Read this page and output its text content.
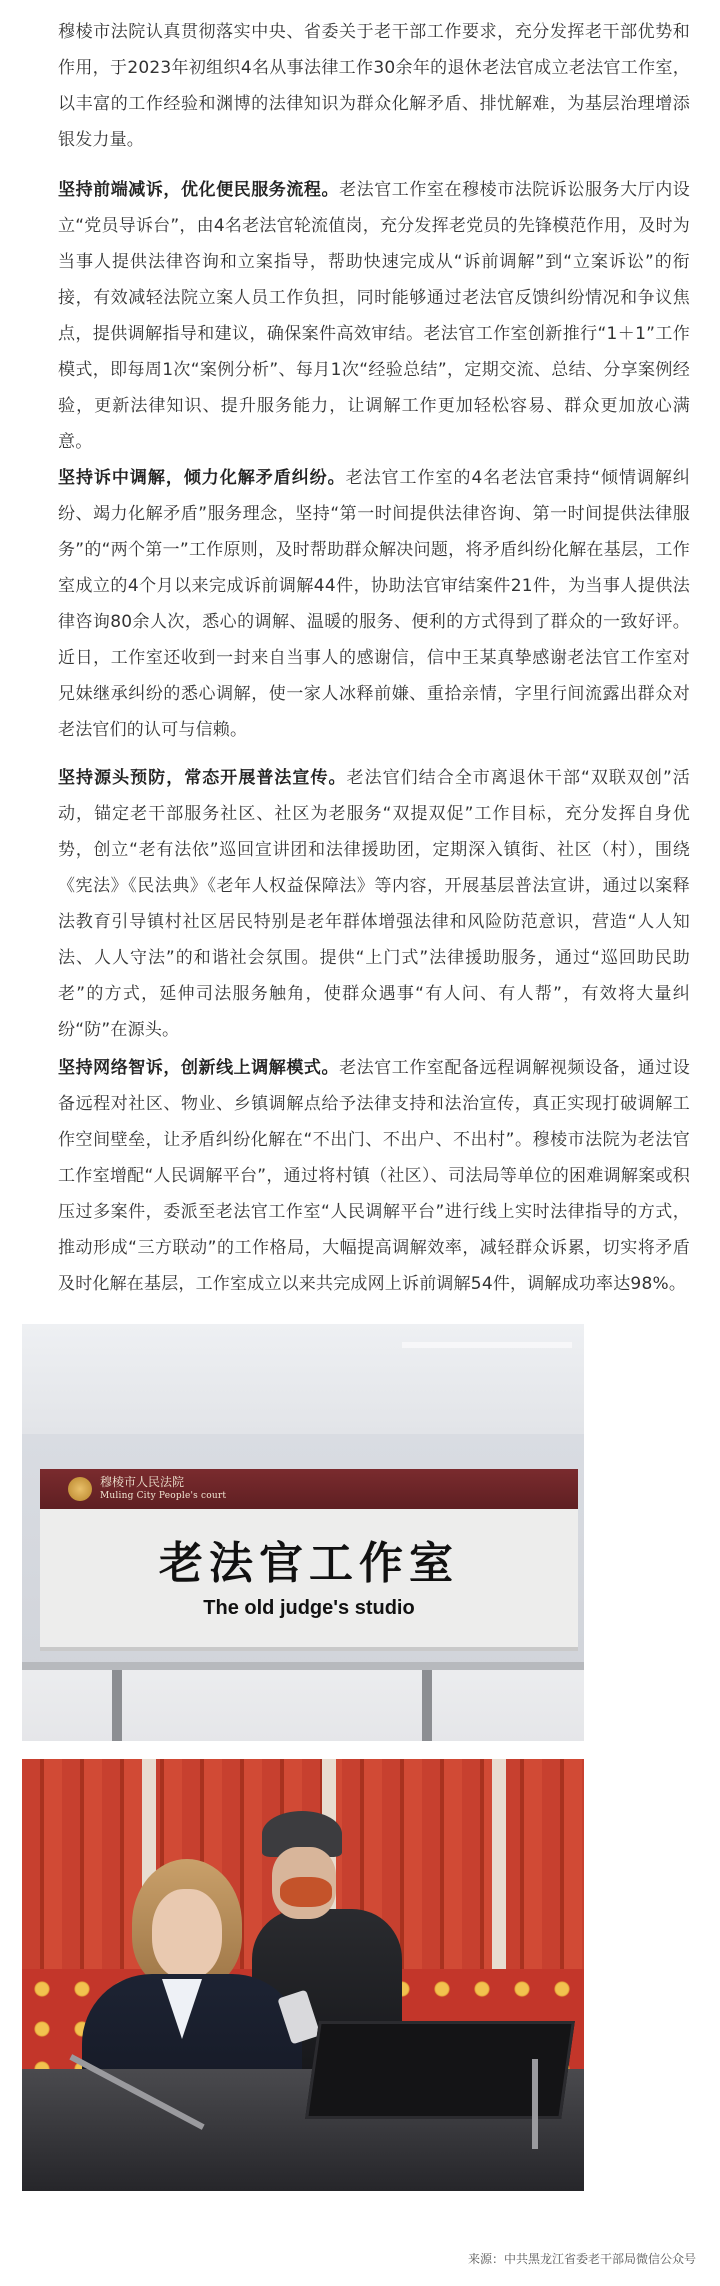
穆棱市法院认真贯彻落实中央、省委关于老干部工作要求，充分发挥老干部优势和作用，于2023年初组织4名从事法律工作30余年的退休老法官成立老法官工作室，以丰富的工作经验和渊博的法律知识为群众化解矛盾、排忧解难，为基层治理增添银发力量。

坚持前端减诉，优化便民服务流程。老法官工作室在穆棱市法院诉讼服务大厅内设立“党员导诉台”，由4名老法官轮流值岗，充分发挥老党员的先锋模范作用，及时为当事人提供法律咨询和立案指导，帮助快速完成从“诉前调解”到“立案诉讼”的衔接，有效减轻法院立案人员工作负担，同时能够通过老法官反馈纠纷情况和争议焦点，提供调解指导和建议，确保案件高效审结。老法官工作室创新推行“1＋1”工作模式，即每周1次“案例分析”、每月1次“经验总结”，定期交流、总结、分享案例经验，更新法律知识、提升服务能力，让调解工作更加轻松容易、群众更加放心满意。

坚持诉中调解，倾力化解矛盾纠纷。老法官工作室的4名老法官秉持“倾情调解纠纷、竭力化解矛盾”服务理念，坚持“第一时间提供法律咨询、第一时间提供法律服务”的“两个第一”工作原则，及时帮助群众解决问题，将矛盾纠纷化解在基层，工作室成立的4个月以来完成诉前调解44件，协助法官审结案件21件，为当事人提供法律咨询80余人次，悉心的调解、温暖的服务、便利的方式得到了群众的一致好评。近日，工作室还收到一封来自当事人的感谢信，信中王某真挚感谢老法官工作室对兄妹继承纠纷的悉心调解，使一家人冰释前嫌、重拾亲情，字里行间流露出群众对老法官们的认可与信赖。

坚持源头预防，常态开展普法宣传。老法官们结合全市离退休干部“双联双创”活动，锚定老干部服务社区、社区为老服务“双提双促”工作目标，充分发挥自身优势，创立“老有法依”巡回宣讲团和法律援助团，定期深入镇街、社区（村），围绕《宪法》《民法典》《老年人权益保障法》等内容，开展基层普法宣讲，通过以案释法教育引导镇村社区居民特别是老年群体增强法律和风险防范意识，营造“人人知法、人人守法”的和谐社会氛围。提供“上门式”法律援助服务，通过“巡回助民助老”的方式，延伸司法服务触角，使群众遇事“有人问、有人帮”，有效将大量纠纷“防”在源头。

坚持网络智诉，创新线上调解模式。老法官工作室配备远程调解视频设备，通过设备远程对社区、物业、乡镇调解点给予法律支持和法治宣传，真正实现打破调解工作空间壁垒，让矛盾纠纷化解在“不出门、不出户、不出村”。穆棱市法院为老法官工作室增配“人民调解平台”，通过将村镇（社区）、司法局等单位的困难调解案或积压过多案件，委派至老法官工作室“人民调解平台”进行线上实时法律指导的方式，推动形成“三方联动”的工作格局，大幅提高调解效率，减轻群众诉累，切实将矛盾及时化解在基层，工作室成立以来共完成网上诉前调解54件，调解成功率达98%。

穆棱市人民法院
Muling City People's court
老法官工作室
The old judge's studio
来源：中共黑龙江省委老干部局微信公众号
